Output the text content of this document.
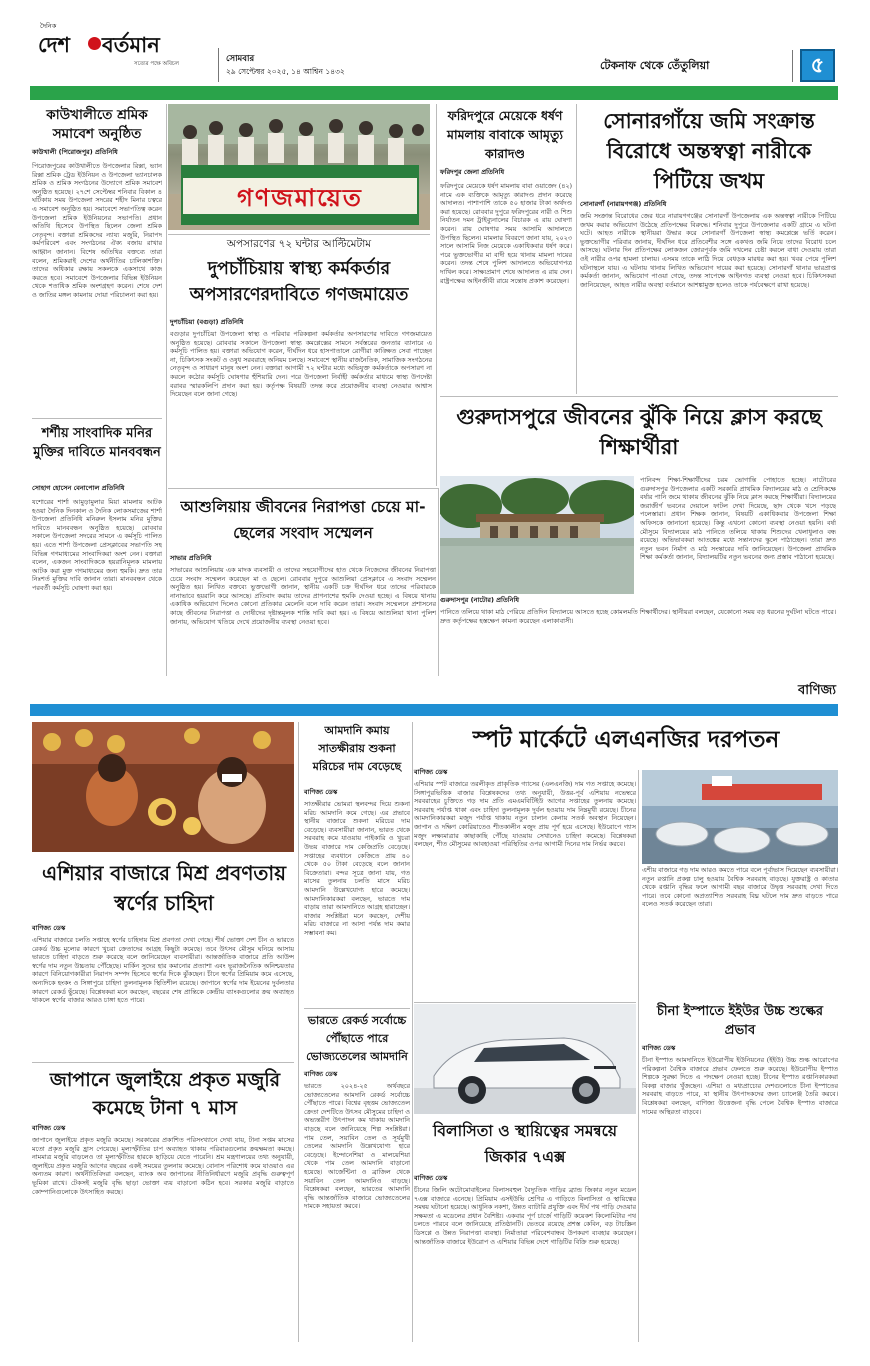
দৈনিক
দেশ বর্তমান
সত্যের পক্ষে অবিচল	সোমবার
২৯ সেপ্টেম্বর ২০২৫, ১৪ আশ্বিন ১৪৩২	টেকনাফ থেকে তেঁতুলিয়া	৫
কাউখালীতে শ্রমিক সমাবেশ অনুষ্ঠিত
কাউখালী (পিরোজপুর) প্রতিনিধি
পিরোজপুরের কাউখালীতে উপজেলার রিক্সা, ভ্যান রিক্সা শ্রমিক ট্রেড ইউনিয়ন ও উপজেলা ভ্যানচালক শ্রমিক ও শ্রমিক সংগঠনের উদ্যোগে শ্রমিক সমাবেশ অনুষ্ঠিত হয়েছে। ২৭শে সেপ্টেম্বর শনিবার বিকাল ৪ ঘটিকায় সময় উপজেলা সদরের শহীদ মিনার চত্বরে এ সমাবেশ অনুষ্ঠিত হয়। সমাবেশে সভাপতিত্ব করেন উপজেলা শ্রমিক ইউনিয়নের সভাপতি। প্রধান অতিথি হিসেবে উপস্থিত ছিলেন জেলা শ্রমিক নেতৃবৃন্দ। বক্তারা শ্রমিকদের ন্যায্য মজুরি, নিরাপদ কর্মপরিবেশ এবং সংগঠনের ঐক্য বজায় রাখার আহ্বান জানান। বিশেষ অতিথির বক্তব্যে তারা বলেন, শ্রমিকরাই দেশের অর্থনীতির চালিকাশক্তি। তাদের অধিকার রক্ষায় সকলকে একসাথে কাজ করতে হবে। সমাবেশে উপজেলার বিভিন্ন ইউনিয়ন থেকে শতাধিক শ্রমিক অংশগ্রহণ করেন। শেষে দেশ ও জাতির মঙ্গল কামনায় দোয়া পরিচালনা করা হয়।
শর্শীয় সাংবাদিক মনির মুক্তির দাবিতে মানববন্ধন
সোহাগ হোসেন বেনাপোল প্রতিনিধি
যশোরের শার্শা আমুড়ামুলার মিয়া মামলায় আটক হওয়া দৈনিক দিনকাল ও দৈনিক লোকসমাজের শার্শা উপজেলা প্রতিনিধি মনিরুল ইসলাম মনির মুক্তির দাবিতে মানববন্ধন অনুষ্ঠিত হয়েছে। রোববার সকালে উপজেলা সদরের সামনে এ কর্মসূচি পালিত হয়। এতে শার্শা উপজেলা প্রেসক্লাবের সভাপতি সহ বিভিন্ন গণমাধ্যমের সাংবাদিকরা অংশ নেন। বক্তারা বলেন, একজন সাংবাদিককে হয়রানিমূলক মামলায় আটক করা মুক্ত গণমাধ্যমের জন্য হুমকি। দ্রুত তার নিঃশর্ত মুক্তির দাবি জানান তারা। মানববন্ধন থেকে পরবর্তী কর্মসূচি ঘোষণা করা হয়।
গণজমায়েত
অপসারণের ৭২ ঘন্টার আল্টিমেটাম
দুপচাঁচিয়ায় স্বাস্থ্য কর্মকর্তার অপসারণেরদাবিতে গণজমায়েত
দুপচাঁচিয়া (বগুড়া) প্রতিনিধি
বগুড়ার দুপচাঁচিয়া উপজেলা স্বাস্থ্য ও পরিবার পরিকল্পনা কর্মকর্তার অপসারণের দাবিতে গণজমায়েত অনুষ্ঠিত হয়েছে। রোববার সকালে উপজেলা স্বাস্থ্য কমপ্লেক্সের সামনে সর্বস্তরের জনতার ব্যানারে এ কর্মসূচি পালিত হয়। বক্তারা অভিযোগ করেন, দীর্ঘদিন ধরে হাসপাতালে রোগীরা কাঙ্ক্ষিত সেবা পাচ্ছেন না, চিকিৎসক সংকট ও ওষুধ সরবরাহে অনিয়ম চলছে। সমাবেশে স্থানীয় রাজনৈতিক, সামাজিক সংগঠনের নেতৃবৃন্দ ও সাধারণ মানুষ অংশ নেন। বক্তারা আগামী ৭২ ঘন্টার মধ্যে অভিযুক্ত কর্মকর্তাকে অপসারণ না করলে কঠোর কর্মসূচি ঘোষণার হুঁশিয়ারি দেন। পরে উপজেলা নির্বাহী কর্মকর্তার মাধ্যমে স্বাস্থ্য উপদেষ্টা বরাবর স্মারকলিপি প্রদান করা হয়। কর্তৃপক্ষ বিষয়টি তদন্ত করে প্রয়োজনীয় ব্যবস্থা নেওয়ার আশ্বাস দিয়েছেন বলে জানা গেছে।
ফরিদপুরে মেয়েকে ধর্ষণ মামলায় বাবাকে আমৃত্যু কারাদণ্ড
ফরিদপুর জেলা প্রতিনিধি
ফরিদপুরে মেয়েকে ধর্ষণ মামলায় বাবা ওয়াজেদ (৪২) নামে এক ব্যক্তিকে আমৃত্যু কারাদণ্ড প্রদান করেছে আদালত। পাশাপাশি তাকে ৫০ হাজার টাকা অর্থদণ্ড করা হয়েছে। রোববার দুপুরে ফরিদপুরের নারী ও শিশু নির্যাতন দমন ট্রাইব্যুনালের বিচারক এ রায় ঘোষণা করেন। রায় ঘোষণার সময় আসামি আদালতে উপস্থিত ছিলেন। মামলার বিবরণে জানা যায়, ২০২৩ সালে আসামি নিজ মেয়েকে একাধিকবার ধর্ষণ করে। পরে ভুক্তভোগীর মা বাদী হয়ে থানায় মামলা দায়ের করেন। তদন্ত শেষে পুলিশ আদালতে অভিযোগপত্র দাখিল করে। সাক্ষ্যপ্রমাণ শেষে আদালত এ রায় দেন। রাষ্ট্রপক্ষের আইনজীবী রায়ে সন্তোষ প্রকাশ করেছেন।
সোনারগাঁয়ে জমি সংক্রান্ত বিরোধে অন্তস্বত্বা নারীকে পিটিয়ে জখম
সোনারগাঁ (নারায়ণগঞ্জ) প্রতিনিধি
জমি সংক্রান্ত বিরোধের জের ধরে নারায়ণগঞ্জের সোনারগাঁ উপজেলায় এক অন্তস্বত্বা নারীকে পিটিয়ে জখম করার অভিযোগ উঠেছে প্রতিপক্ষের বিরুদ্ধে। শনিবার দুপুরে উপজেলার একটি গ্রামে এ ঘটনা ঘটে। আহত নারীকে স্থানীয়রা উদ্ধার করে সোনারগাঁ উপজেলা স্বাস্থ্য কমপ্লেক্সে ভর্তি করেন। ভুক্তভোগীর পরিবার জানায়, দীর্ঘদিন ধরে প্রতিবেশীর সঙ্গে একখণ্ড জমি নিয়ে তাদের বিরোধ চলে আসছে। ঘটনার দিন প্রতিপক্ষের লোকজন জোরপূর্বক জমি দখলের চেষ্টা করলে বাধা দেওয়ায় তারা ওই নারীর ওপর হামলা চালায়। এসময় তাকে লাঠি দিয়ে বেধড়ক মারধর করা হয়। খবর পেয়ে পুলিশ ঘটনাস্থলে যায়। এ ঘটনায় থানায় লিখিত অভিযোগ দায়ের করা হয়েছে। সোনারগাঁ থানার ভারপ্রাপ্ত কর্মকর্তা জানান, অভিযোগ পাওয়া গেছে, তদন্ত সাপেক্ষে আইনগত ব্যবস্থা নেওয়া হবে। চিকিৎসকরা জানিয়েছেন, আহত নারীর অবস্থা বর্তমানে আশঙ্কামুক্ত হলেও তাকে পর্যবেক্ষণে রাখা হয়েছে।
গুরুদাসপুরে জীবনের ঝুঁকি নিয়ে ক্লাস করছে শিক্ষার্থীরা
গুরুদাসপুর (নাটোর) প্রতিনিধি
পানিবন্দ শিক্ষা-শিক্ষার্থীদের চরম ভোগান্তি পোহাতে হচ্ছে। নাটোরের গুরুদাসপুর উপজেলার একটি সরকারি প্রাথমিক বিদ্যালয়ের মাঠ ও শ্রেণিকক্ষে বর্ষার পানি জমে থাকায় জীবনের ঝুঁকি নিয়ে ক্লাস করছে শিক্ষার্থীরা। বিদ্যালয়ের জরাজীর্ণ ভবনের দেয়ালে ফাটল দেখা দিয়েছে, ছাদ থেকে খসে পড়ছে পলেস্তারা। প্রধান শিক্ষক জানান, বিষয়টি একাধিকবার উপজেলা শিক্ষা অফিসকে জানানো হয়েছে। কিন্তু এখনো কোনো ব্যবস্থা নেওয়া হয়নি। বর্ষা মৌসুমে বিদ্যালয়ের মাঠ পানিতে তলিয়ে থাকায় শিশুদের খেলাধুলাও বন্ধ রয়েছে। অভিভাবকরা আতঙ্কের মধ্যে সন্তানদের স্কুলে পাঠাচ্ছেন। তারা দ্রুত নতুন ভবন নির্মাণ ও মাঠ সংস্কারের দাবি জানিয়েছেন। উপজেলা প্রাথমিক শিক্ষা কর্মকর্তা জানান, বিদ্যালয়টির নতুন ভবনের জন্য প্রস্তাব পাঠানো হয়েছে।
পানিতে তলিয়ে থাকা মাঠ পেরিয়ে প্রতিদিন বিদ্যালয়ে আসতে হচ্ছে কোমলমতি শিক্ষার্থীদের। স্থানীয়রা বলছেন, যেকোনো সময় বড় ধরনের দুর্ঘটনা ঘটতে পারে। দ্রুত কর্তৃপক্ষের হস্তক্ষেপ কামনা করেছেন এলাকাবাসী।
আশুলিয়ায় জীবনের নিরাপত্তা চেয়ে মা-ছেলের সংবাদ সম্মেলন
সাভার প্রতিনিধি
সাভারের আশুলিয়ায় এক মাদক ব্যবসায়ী ও তাদের সহযোগীদের হাত থেকে নিজেদের জীবনের নিরাপত্তা চেয়ে সংবাদ সম্মেলন করেছেন মা ও ছেলে। রোববার দুপুরে আশুলিয়া প্রেসক্লাবে এ সংবাদ সম্মেলন অনুষ্ঠিত হয়। লিখিত বক্তব্যে ভুক্তভোগী জানান, স্থানীয় একটি চক্র দীর্ঘদিন ধরে তাদের পরিবারকে নানাভাবে হয়রানি করে আসছে। প্রতিবাদ করায় তাদের প্রাণনাশের হুমকি দেওয়া হচ্ছে। এ বিষয়ে থানায় একাধিক অভিযোগ দিলেও কোনো প্রতিকার মেলেনি বলে দাবি করেন তারা। সংবাদ সম্মেলনে প্রশাসনের কাছে জীবনের নিরাপত্তা ও দোষীদের দৃষ্টান্তমূলক শাস্তি দাবি করা হয়। এ বিষয়ে আশুলিয়া থানা পুলিশ জানায়, অভিযোগ খতিয়ে দেখে প্রয়োজনীয় ব্যবস্থা নেওয়া হবে।
বাণিজ্য
এশিয়ার বাজারে মিশ্র প্রবণতায় স্বর্ণের চাহিদা
বাণিজ্য ডেস্ক
এশিয়ার বাজারে চলতি সপ্তাহে স্বর্ণের চাহিদায় মিশ্র প্রবণতা দেখা গেছে। শীর্ষ ভোক্তা দেশ চীন ও ভারতে রেকর্ড উচ্চ মূল্যের কারণে খুচরা ক্রেতাদের আগ্রহ কিছুটা কমেছে। তবে উৎসব মৌসুম ঘনিয়ে আসায় ভারতে চাহিদা বাড়তে শুরু করেছে বলে জানিয়েছেন ব্যবসায়ীরা। আন্তর্জাতিক বাজারে প্রতি আউন্স স্বর্ণের দাম নতুন উচ্চতায় পৌঁছেছে। মার্কিন সুদের হার কমানোর প্রত্যাশা এবং ভূরাজনৈতিক অনিশ্চয়তার কারণে বিনিয়োগকারীরা নিরাপদ সম্পদ হিসেবে স্বর্ণের দিকে ঝুঁকছেন। চীনে স্বর্ণের প্রিমিয়াম কমে এসেছে, অন্যদিকে হংকং ও সিঙ্গাপুরে চাহিদা তুলনামূলক স্থিতিশীল রয়েছে। জাপানে স্বর্ণের দাম ইয়েনের দুর্বলতার কারণে রেকর্ড ছুঁয়েছে। বিশ্লেষকরা মনে করছেন, বছরের শেষ প্রান্তিকে কেন্দ্রীয় ব্যাংকগুলোর ক্রয় অব্যাহত থাকলে স্বর্ণের বাজার আরও চাঙ্গা হতে পারে।
জাপানে জুলাইয়ে প্রকৃত মজুরি কমেছে টানা ৭ মাস
বাণিজ্য ডেস্ক
জাপানে জুলাইয়ে প্রকৃত মজুরি কমেছে। সরকারের প্রকাশিত পরিসংখ্যানে দেখা যায়, টানা সপ্তম মাসের মতো প্রকৃত মজুরি হ্রাস পেয়েছে। মূল্যস্ফীতির চাপ অব্যাহত থাকায় পরিবারগুলোর ক্রয়ক্ষমতা কমছে। নামমাত্র মজুরি বাড়লেও তা মূল্যস্ফীতির হারকে ছাড়িয়ে যেতে পারেনি। শ্রম মন্ত্রণালয়ের তথ্য অনুযায়ী, জুলাইয়ে প্রকৃত মজুরি আগের বছরের একই সময়ের তুলনায় কমেছে। বোনাস পরিশোধ কমে যাওয়াও এর অন্যতম কারণ। অর্থনীতিবিদরা বলছেন, ব্যাংক অব জাপানের নীতিনির্ধারণে মজুরি প্রবৃদ্ধি গুরুত্বপূর্ণ ভূমিকা রাখে। টেকসই মজুরি বৃদ্ধি ছাড়া ভোক্তা ব্যয় বাড়ানো কঠিন হবে। সরকার মজুরি বাড়াতে কোম্পানিগুলোকে উৎসাহিত করছে।
আমদানি কমায় সাতক্ষীরায় শুকনা মরিচের দাম বেড়েছে
বাণিজ্য ডেস্ক
সাতক্ষীরার ভোমরা স্থলবন্দর দিয়ে শুকনা মরিচ আমদানি কমে গেছে। এর প্রভাবে স্থানীয় বাজারে শুকনা মরিচের দাম বেড়েছে। ব্যবসায়ীরা জানান, ভারত থেকে সরবরাহ কমে যাওয়ায় পাইকারি ও খুচরা উভয় বাজারে দাম কেজিপ্রতি বেড়েছে। সপ্তাহের ব্যবধানে কেজিতে প্রায় ৪০ থেকে ৫০ টাকা বেড়েছে বলে জানান বিক্রেতারা। বন্দর সূত্রে জানা যায়, গত মাসের তুলনায় চলতি মাসে মরিচ আমদানি উল্লেখযোগ্য হারে কমেছে। আমদানিকারকরা বলছেন, ভারতে দাম বাড়ায় তারা আমদানিতে আগ্রহ হারাচ্ছেন। বাজার সংশ্লিষ্টরা মনে করছেন, দেশীয় মরিচ বাজারে না আসা পর্যন্ত দাম কমার সম্ভাবনা কম।
ভারতে রেকর্ড সর্বোচ্চে পৌঁছাতে পারে ভোজ্যতেলের আমদানি
বাণিজ্য ডেস্ক
ভারতে ২০২৪-২৫ অর্থবছরে ভোজ্যতেলের আমদানি রেকর্ড সর্বোচ্চে পৌঁছাতে পারে। বিশ্বের বৃহত্তম ভোজ্যতেল ক্রেতা দেশটিতে উৎসব মৌসুমের চাহিদা ও অভ্যন্তরীণ উৎপাদন কম থাকায় আমদানি বাড়ছে বলে জানিয়েছে শিল্প সংশ্লিষ্টরা। পাম তেল, সয়াবিন তেল ও সূর্যমুখী তেলের আমদানি উল্লেখযোগ্য হারে বেড়েছে। ইন্দোনেশিয়া ও মালয়েশিয়া থেকে পাম তেল আমদানি বাড়ানো হয়েছে। আর্জেন্টিনা ও ব্রাজিল থেকে সয়াবিন তেল আমদানিও বাড়ছে। বিশ্লেষকরা বলছেন, ভারতের আমদানি বৃদ্ধি আন্তর্জাতিক বাজারে ভোজ্যতেলের দামকে সহায়তা করবে।
স্পট মার্কেটে এলএনজির দরপতন
বাণিজ্য ডেস্ক
এশিয়ার স্পট বাজারে তরলীকৃত প্রাকৃতিক গ্যাসের (এলএনজি) দাম গত সপ্তাহে কমেছে। সিঙ্গাপুরভিত্তিক বাজার বিশ্লেষকদের তথ্য অনুযায়ী, উত্তর-পূর্ব এশিয়ায় নভেম্বরে সরবরাহের চুক্তিতে গড় দাম প্রতি এমএমবিটিইউ আগের সপ্তাহের তুলনায় কমেছে। সরবরাহ পর্যাপ্ত থাকা এবং চাহিদা তুলনামূলক দুর্বল হওয়ায় দাম নিম্নমুখী রয়েছে। চীনের আমদানিকারকরা মজুদ পর্যাপ্ত থাকায় নতুন চালান কেনায় সতর্ক অবস্থান নিয়েছেন। জাপান ও দক্ষিণ কোরিয়াতেও শীতকালীন মজুদ প্রায় পূর্ণ হয়ে এসেছে। ইউরোপে গ্যাস মজুদ লক্ষ্যমাত্রার কাছাকাছি পৌঁছে যাওয়ায় সেখানেও চাহিদা কমেছে। বিশ্লেষকরা বলছেন, শীত মৌসুমের আবহাওয়া পরিস্থিতির ওপর আগামী দিনের দাম নির্ভর করবে।
এশীয় বাজারে গড় দাম আরও কমতে পারে বলে পূর্বাভাস দিয়েছেন ব্যবসায়ীরা। নতুন রপ্তানি প্রকল্প চালু হওয়ায় বৈশ্বিক সরবরাহ বাড়ছে। যুক্তরাষ্ট্র ও কাতার থেকে রপ্তানি বৃদ্ধির ফলে আগামী বছর বাজারে উদ্বৃত্ত সরবরাহ দেখা দিতে পারে। তবে কোনো অপ্রত্যাশিত সরবরাহ বিঘ্ন ঘটলে দাম দ্রুত বাড়তে পারে বলেও সতর্ক করেছেন তারা।
চীনা ইস্পাতে ইইউর উচ্চ শুল্কের প্রভাব
বাণিজ্য ডেস্ক
চীনা ইস্পাত আমদানিতে ইউরোপীয় ইউনিয়নের (ইইউ) উচ্চ শুল্ক আরোপের পরিকল্পনা বৈশ্বিক বাজারে প্রভাব ফেলতে শুরু করেছে। ইউরোপীয় ইস্পাত শিল্পকে সুরক্ষা দিতে এ পদক্ষেপ নেওয়া হচ্ছে। চীনের ইস্পাত রপ্তানিকারকরা বিকল্প বাজার খুঁজছেন। এশিয়া ও মধ্যপ্রাচ্যের দেশগুলোতে চীনা ইস্পাতের সরবরাহ বাড়তে পারে, যা স্থানীয় উৎপাদকদের জন্য চ্যালেঞ্জ তৈরি করবে। বিশ্লেষকরা বলছেন, বাণিজ্য উত্তেজনা বৃদ্ধি পেলে বৈশ্বিক ইস্পাত বাজারে দামের অস্থিরতা বাড়বে।
বিলাসিতা ও স্থায়িত্বের সমন্বয়ে জিকার ৭এক্স
বাণিজ্য ডেস্ক
চীনের জিলি অটোমোবাইলের বিলাসবহুল বৈদ্যুতিক গাড়ির ব্র্যান্ড জিকার নতুন মডেল ৭এক্স বাজারে এনেছে। প্রিমিয়াম এসইউভি শ্রেণির এ গাড়িতে বিলাসিতা ও স্থায়িত্বের সমন্বয় ঘটানো হয়েছে। আধুনিক নকশা, উন্নত ব্যাটারি প্রযুক্তি এবং দীর্ঘ পথ পাড়ি দেওয়ার সক্ষমতা এ মডেলের প্রধান বৈশিষ্ট্য। একবার পূর্ণ চার্জে গাড়িটি কয়েকশ কিলোমিটার পথ চলতে পারবে বলে জানিয়েছে প্রতিষ্ঠানটি। ভেতরে রয়েছে প্রশস্ত কেবিন, বড় টাচস্ক্রিন ডিসপ্লে ও উন্নত নিরাপত্তা ব্যবস্থা। নির্মাতারা পরিবেশবান্ধব উপকরণ ব্যবহার করেছেন। আন্তর্জাতিক বাজারে ইউরোপ ও এশিয়ার বিভিন্ন দেশে গাড়িটির বিক্রি শুরু হয়েছে।
